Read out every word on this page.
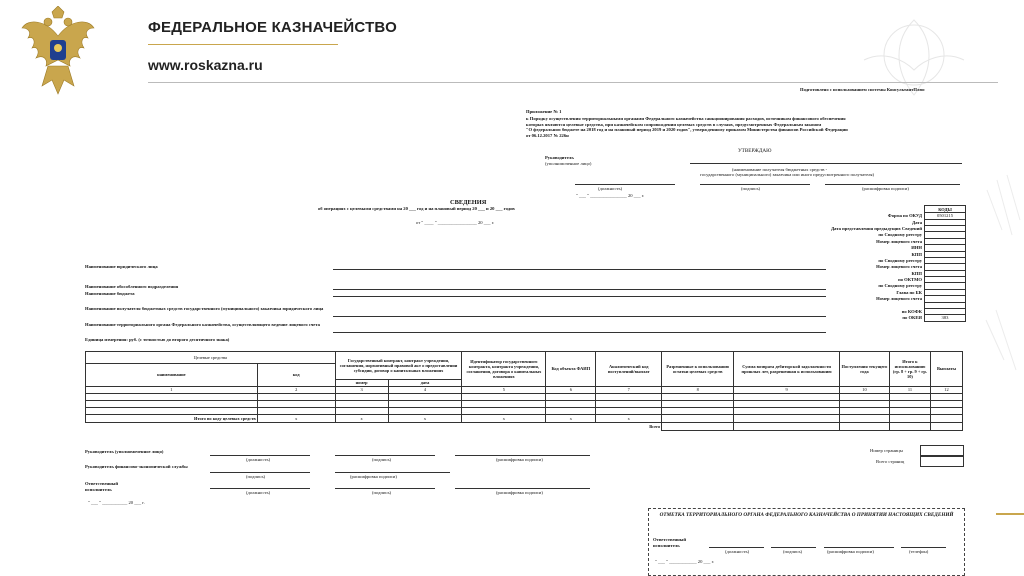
ФЕДЕРАЛЬНОЕ КАЗНАЧЕЙСТВО
www.roskazna.ru
Подготовлено с использованием системы КонсультантПлюс
Приложение № 1
к Порядку осуществления территориальными органами Федерального казначейства санкционирования расходов, источником финансового обеспечения
которых являются целевые средства, при казначейском сопровождении целевых средств в случаях, предусмотренных Федеральным законом
"О федеральном бюджете на 2018 год и на плановый период 2019 и 2020 годов", утвержденному приказом Министерства финансов Российской Федерации
от 06.12.2017 № 226н
УТВЕРЖДАЮ
Руководитель
(уполномоченное лицо)
(наименование получателя бюджетных средств -
государственного (муниципального) заказчика или иного предусмотренного получателя)
(должность)	(подпись)	(расшифровка подписи)
" ___ " ________________ 20 ___ г.
СВЕДЕНИЯ
об операциях с целевыми средствами на 20 ___ год и на плановый период 20 ___ и 20 ___ годов
от " ____ " _________________ 20 ___ г.
КОДЫ
Форма по ОКУД	0501215
Дата
Дата представления предыдущих Сведений
по Сводному реестру
Номер лицевого счета
ИНН
КПП
по Сводному реестру
Номер лицевого счета
КПП
по ОКТМО
по Сводному реестру
Глава по БК
Номер лицевого счета
по КОФК
по ОКЕИ	383
Наименование юридического лица
Наименование обособленного подразделения
Наименование бюджета
Наименование получателя бюджетных средств государственного (муниципального) заказчика юридического лица
Наименование территориального органа Федерального казначейства, осуществляющего ведение лицевого счета
Единица измерения: руб. (с точностью до второго десятичного знака)
Целевые средства		Государственный контракт, контракт учреждения, соглашения, нормативный правовой акт о предоставлении субсидии, договор о капитальных вложениях		Идентификатор государственного контракта, контракта учреждения, соглашения, договора о капитальных вложениях	Код объекта ФАИП	Аналитический код поступлений/выплат	Разрешенные к использованию остатки целевых средств	Сумма возврата дебиторской задолженности прошлых лет, разрешенная к использованию	Поступления текущего года	Итого к использованию (гр. 8 + гр. 9 + гр. 10)	Выплаты
наименование	код										
		номер	дата								
1	2	3	4	5	6	7	8	9	10	11	12

Итого по коду целевых средств	х	х	х	х	х	х					
Всего											
Номер страницы
Всего страниц
Руководитель (уполномоченное лицо)
(должность)	(подпись)	(расшифровка подписи)
Руководитель финансово-экономической службы
(подпись)	(расшифровка подписи)
Ответственный исполнитель
(должность)	(подпись)	(расшифровка подписи)
" ___ " ___________ 20 ___ г.
ОТМЕТКА ТЕРРИТОРИАЛЬНОГО ОРГАНА ФЕДЕРАЛЬНОГО КАЗНАЧЕЙСТВА О ПРИНЯТИИ НАСТОЯЩИХ СВЕДЕНИЙ
Ответственный исполнитель
(должность)	(подпись)	(расшифровка подписи)	(телефон)
" ___ " ____________ 20 ___ г.
